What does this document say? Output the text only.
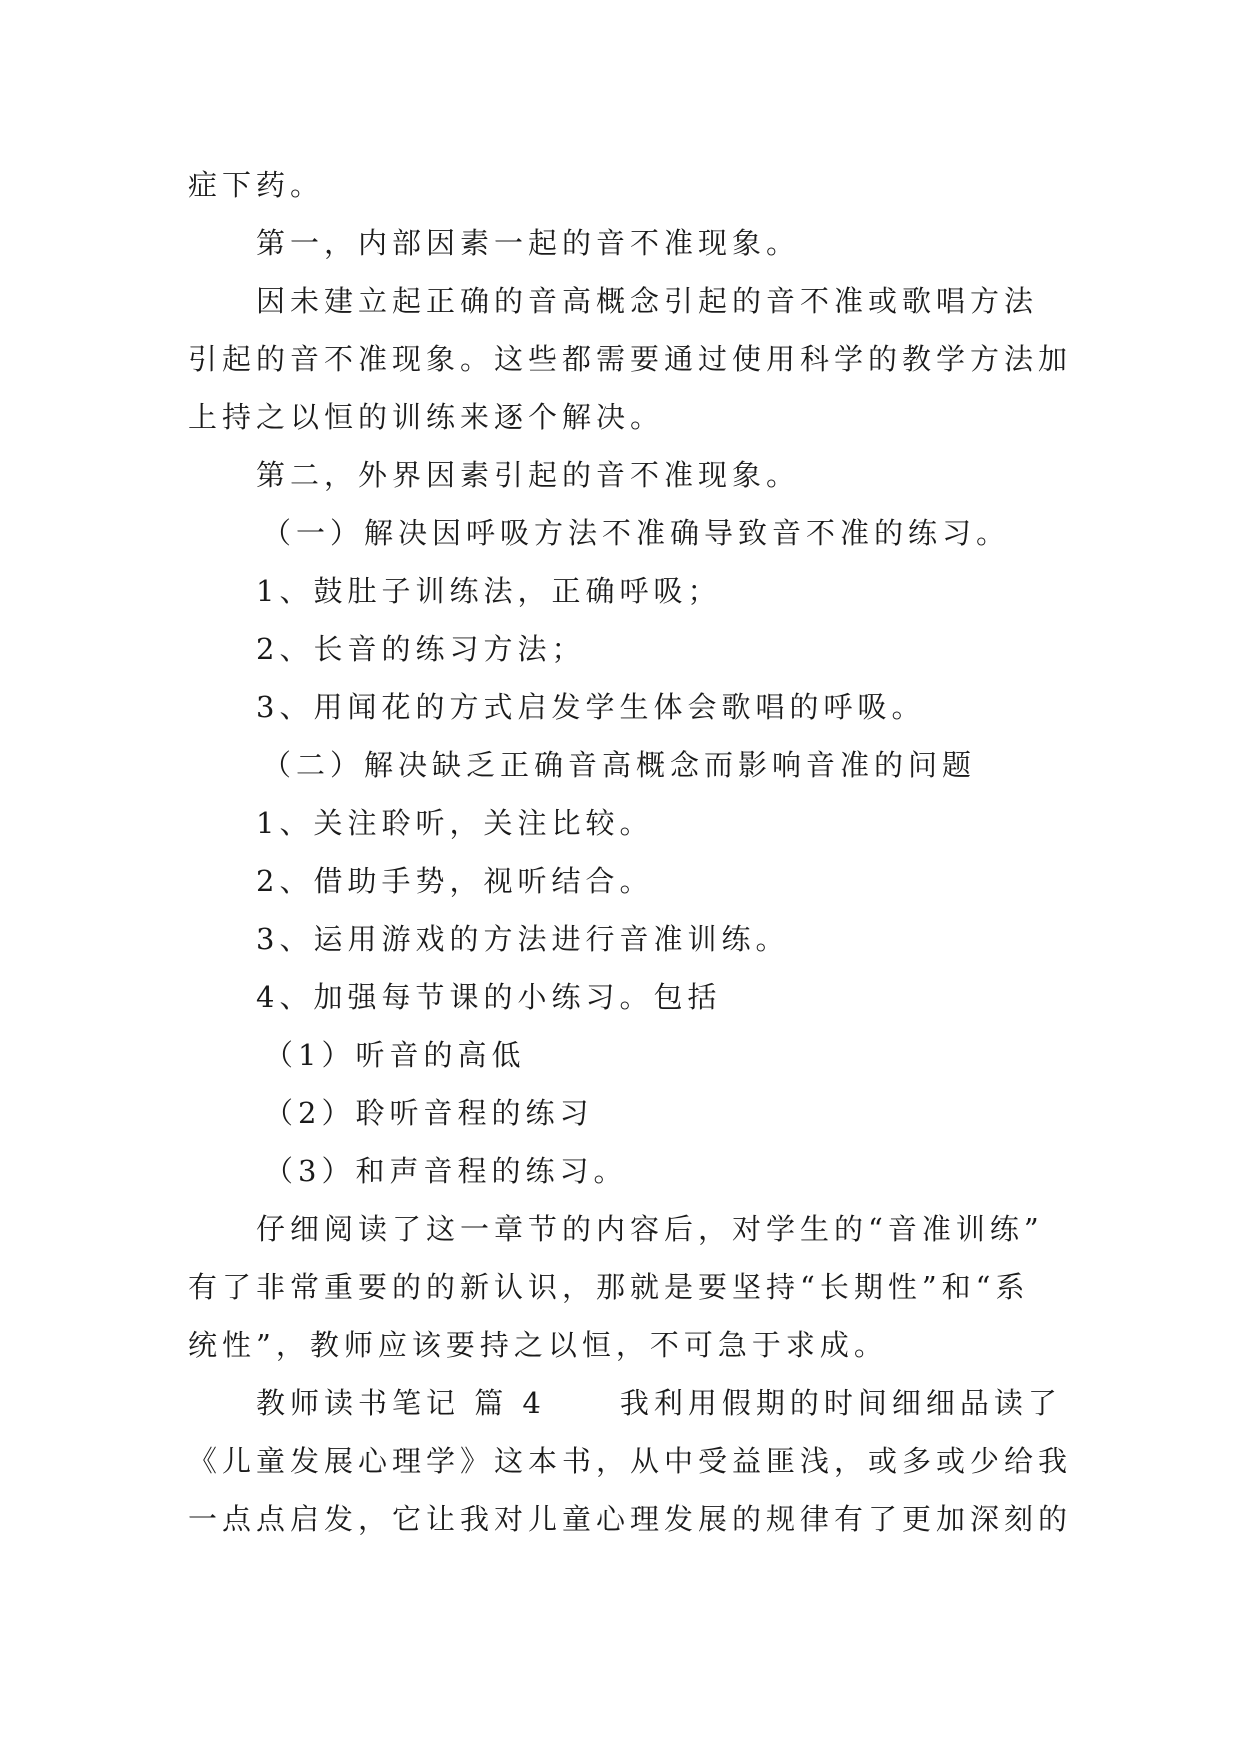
症下药。
第一，内部因素一起的音不准现象。
因未建立起正确的音高概念引起的音不准或歌唱方法
引起的音不准现象。这些都需要通过使用科学的教学方法加
上持之以恒的训练来逐个解决。
第二，外界因素引起的音不准现象。
（一）解决因呼吸方法不准确导致音不准的练习。
1、鼓肚子训练法，正确呼吸；
2、长音的练习方法；
3、用闻花的方式启发学生体会歌唱的呼吸。
（二）解决缺乏正确音高概念而影响音准的问题
1、关注聆听，关注比较。
2、借助手势，视听结合。
3、运用游戏的方法进行音准训练。
4、加强每节课的小练习。包括
（1）听音的高低
（2）聆听音程的练习
（3）和声音程的练习。
仔细阅读了这一章节的内容后，对学生的“音准训练”
有了非常重要的的新认识，那就是要坚持“长期性”和“系
统性”，教师应该要持之以恒，不可急于求成。
教师读书笔记 篇 4	我利用假期的时间细细品读了
《儿童发展心理学》这本书，从中受益匪浅，或多或少给我
一点点启发，它让我对儿童心理发展的规律有了更加深刻的
